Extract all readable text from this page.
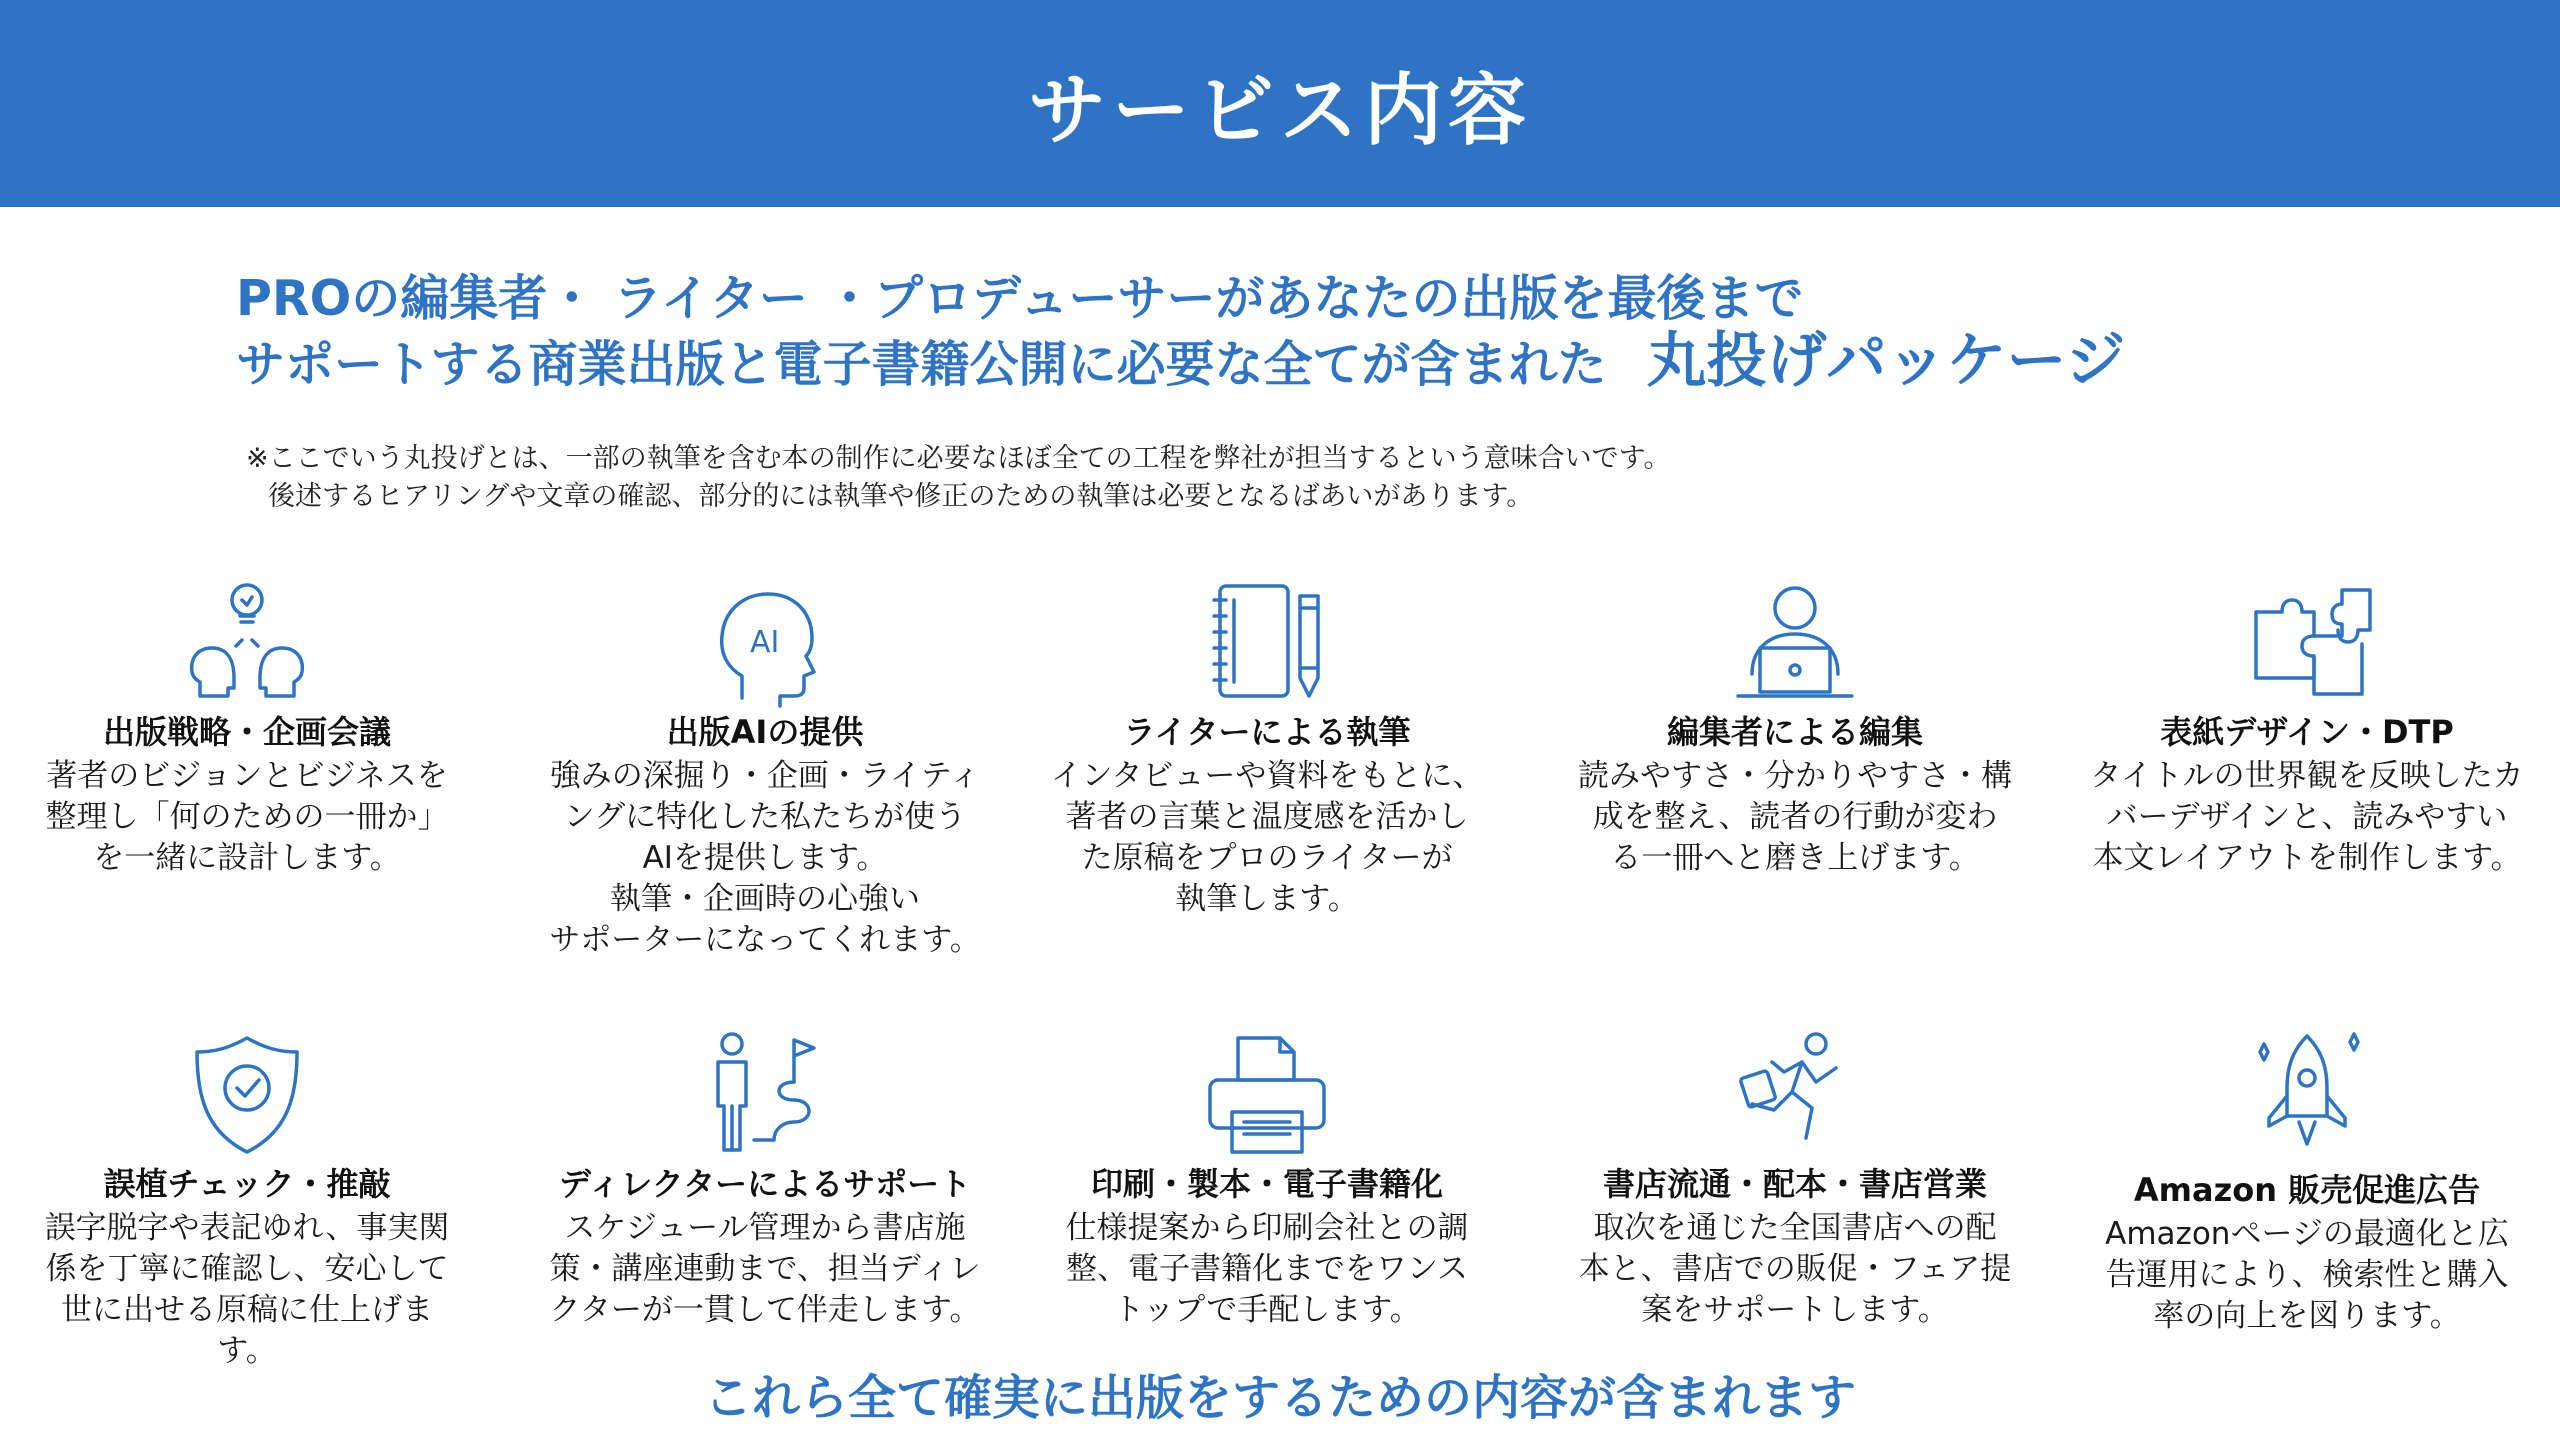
サービス内容
PROの編集者・ ライター ・プロデューサーがあなたの出版を最後まで
サポートする商業出版と電子書籍公開に必要な全てが含まれた 丸投げパッケージ
※ここでいう丸投げとは、一部の執筆を含む本の制作に必要なほぼ全ての工程を弊社が担当するという意味合いです。
後述するヒアリングや文章の確認、部分的には執筆や修正のための執筆は必要となるばあいがあります。
出版戦略・企画会議
著者のビジョンとビジネスを
整理し「何のための一冊か」
を一緒に設計します。
AI
出版AIの提供
強みの深掘り・企画・ライティ
ングに特化した私たちが使う
AIを提供します。
執筆・企画時の心強い
サポーターになってくれます。
ライターによる執筆
インタビューや資料をもとに、
著者の言葉と温度感を活かし
た原稿をプロのライターが
執筆します。
編集者による編集
読みやすさ・分かりやすさ・構
成を整え、読者の行動が変わ
る一冊へと磨き上げます。
表紙デザイン・DTP
タイトルの世界観を反映したカ
バーデザインと、読みやすい
本文レイアウトを制作します。
誤植チェック・推敲
誤字脱字や表記ゆれ、事実関
係を丁寧に確認し、安心して
世に出せる原稿に仕上げま
す。
ディレクターによるサポート
スケジュール管理から書店施
策・講座連動まで、担当ディレ
クターが一貫して伴走します。
印刷・製本・電子書籍化
仕様提案から印刷会社との調
整、電子書籍化までをワンス
トップで手配します。
書店流通・配本・書店営業
取次を通じた全国書店への配
本と、書店での販促・フェア提
案をサポートします。
Amazon 販売促進広告
Amazonページの最適化と広
告運用により、検索性と購入
率の向上を図ります。
これら全て確実に出版をするための内容が含まれます
